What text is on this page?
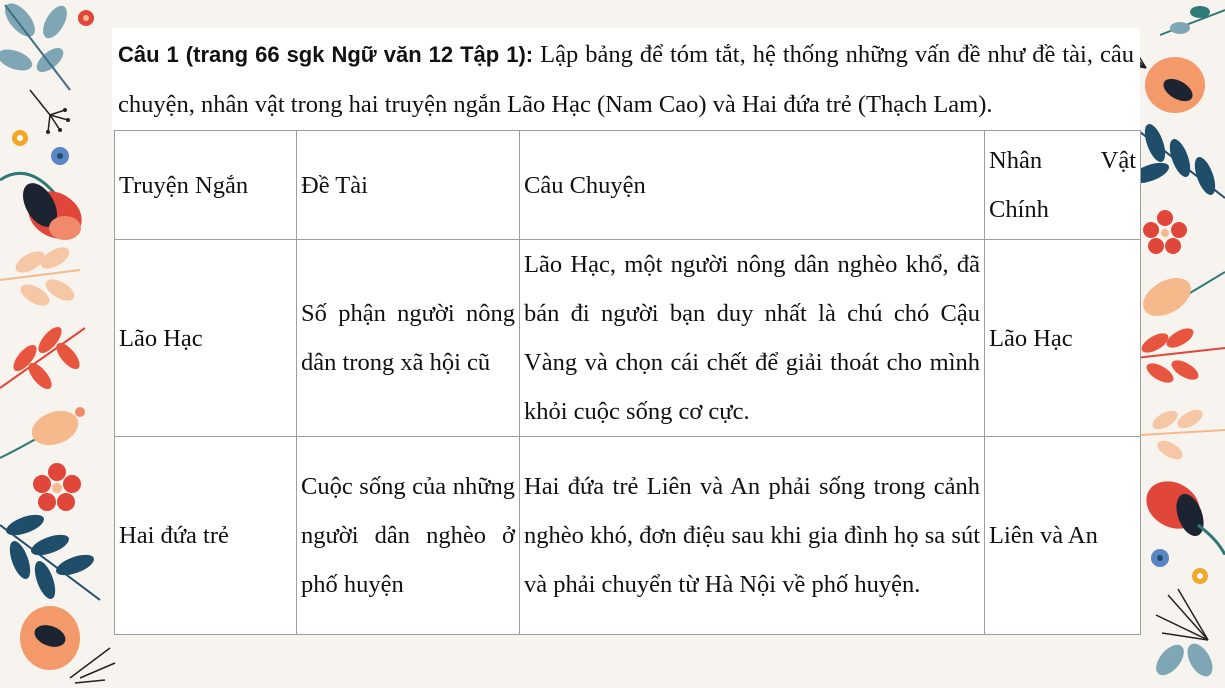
Câu 1 (trang 66 sgk Ngữ văn 12 Tập 1): Lập bảng để tóm tắt, hệ thống những vấn đề như đề tài, câu chuyện, nhân vật trong hai truyện ngắn Lão Hạc (Nam Cao) và Hai đứa trẻ (Thạch Lam).
Truyện Ngắn	Đề Tài	Câu Chuyện	Nhân Vật Chính
Lão Hạc	Số phận người nông dân trong xã hội cũ	Lão Hạc, một người nông dân nghèo khổ, đã bán đi người bạn duy nhất là chú chó Cậu Vàng và chọn cái chết để giải thoát cho mình khỏi cuộc sống cơ cực.	Lão Hạc
Hai đứa trẻ	Cuộc sống của những người dân nghèo ở phố huyện	Hai đứa trẻ Liên và An phải sống trong cảnh nghèo khó, đơn điệu sau khi gia đình họ sa sút và phải chuyển từ Hà Nội về phố huyện.	Liên và An
